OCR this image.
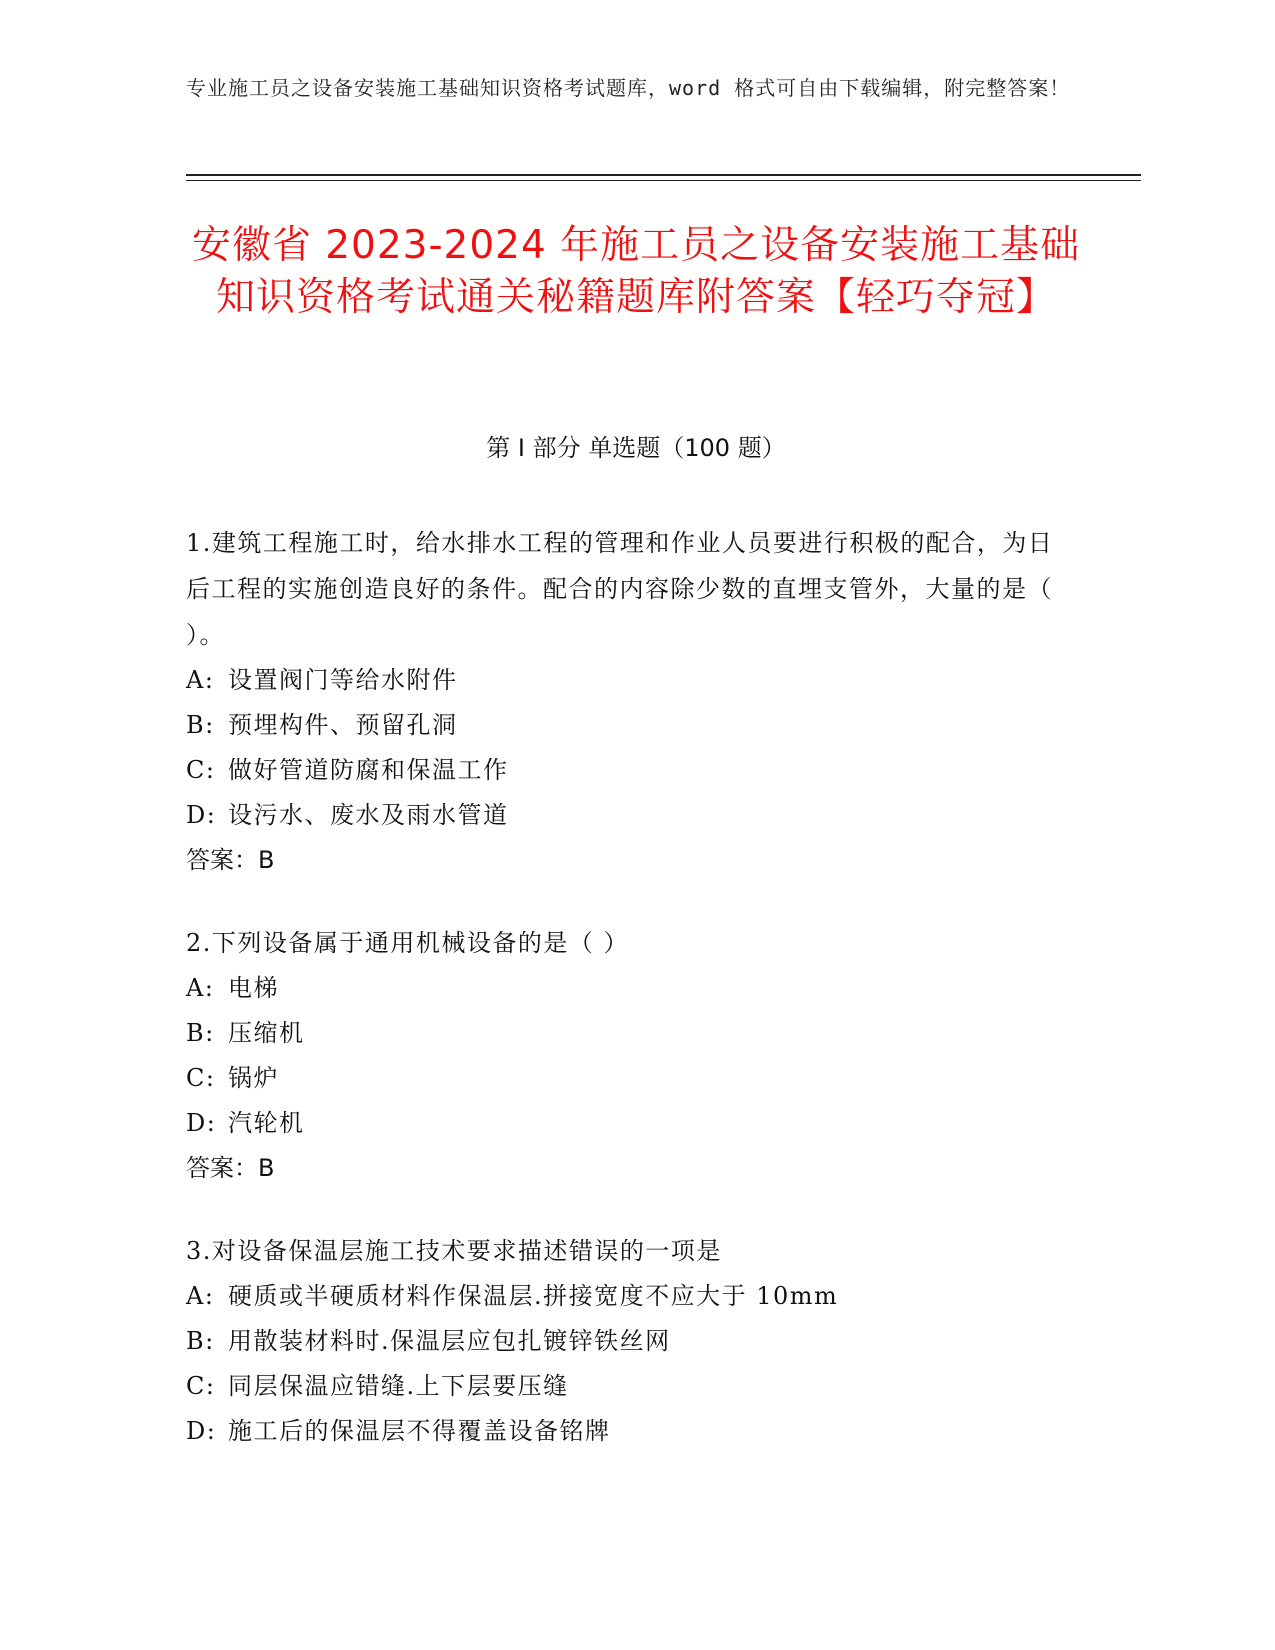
专业施工员之设备安装施工基础知识资格考试题库，word 格式可自由下载编辑，附完整答案！
安徽省 2023-2024 年施工员之设备安装施工基础知识资格考试通关秘籍题库附答案【轻巧夺冠】
第 I 部分 单选题（100 题）
1.建筑工程施工时，给水排水工程的管理和作业人员要进行积极的配合，为日后工程的实施创造良好的条件。配合的内容除少数的直埋支管外，大量的是（ ）。
A: 设置阀门等给水附件
B: 预埋构件、预留孔洞
C: 做好管道防腐和保温工作
D: 设污水、废水及雨水管道
答案：B
2.下列设备属于通用机械设备的是（ ）
A: 电梯
B: 压缩机
C: 锅炉
D: 汽轮机
答案：B
3.对设备保温层施工技术要求描述错误的一项是
A: 硬质或半硬质材料作保温层.拼接宽度不应大于 10mm
B: 用散装材料时.保温层应包扎镀锌铁丝网
C: 同层保温应错缝.上下层要压缝
D: 施工后的保温层不得覆盖设备铭牌
